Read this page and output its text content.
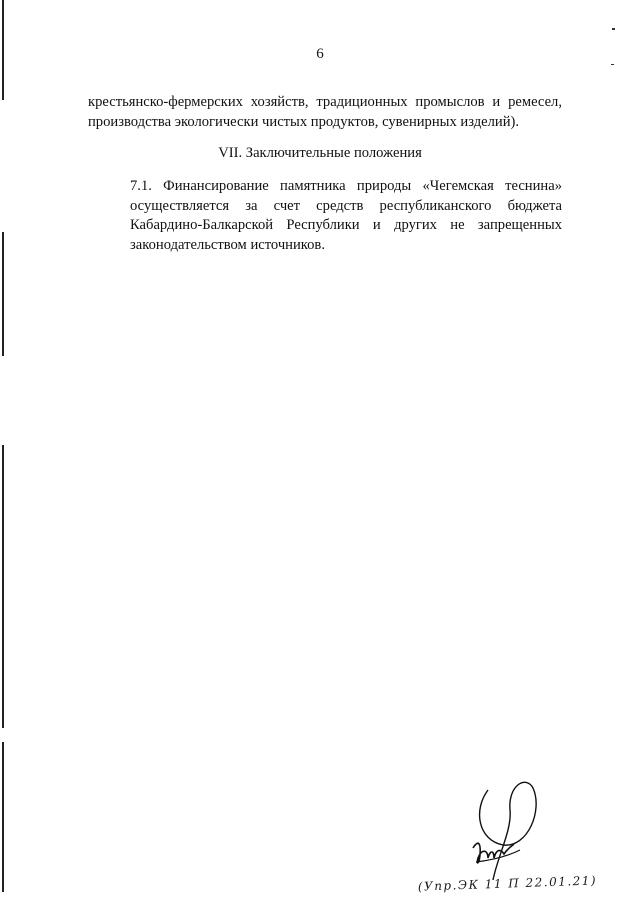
6

крестьянско-фермерских хозяйств, традиционных промыслов и ремесел, производства экологически чистых продуктов, сувенирных изделий).

VII. Заключительные положения

7.1. Финансирование памятника природы «Чегемская теснина»
осуществляется за счет средств республиканского бюджета
Кабардино-Балкарской Республики и других не запрещенных
законодательством источников.

(Упр.ЭК 11 П 22.01.21)
